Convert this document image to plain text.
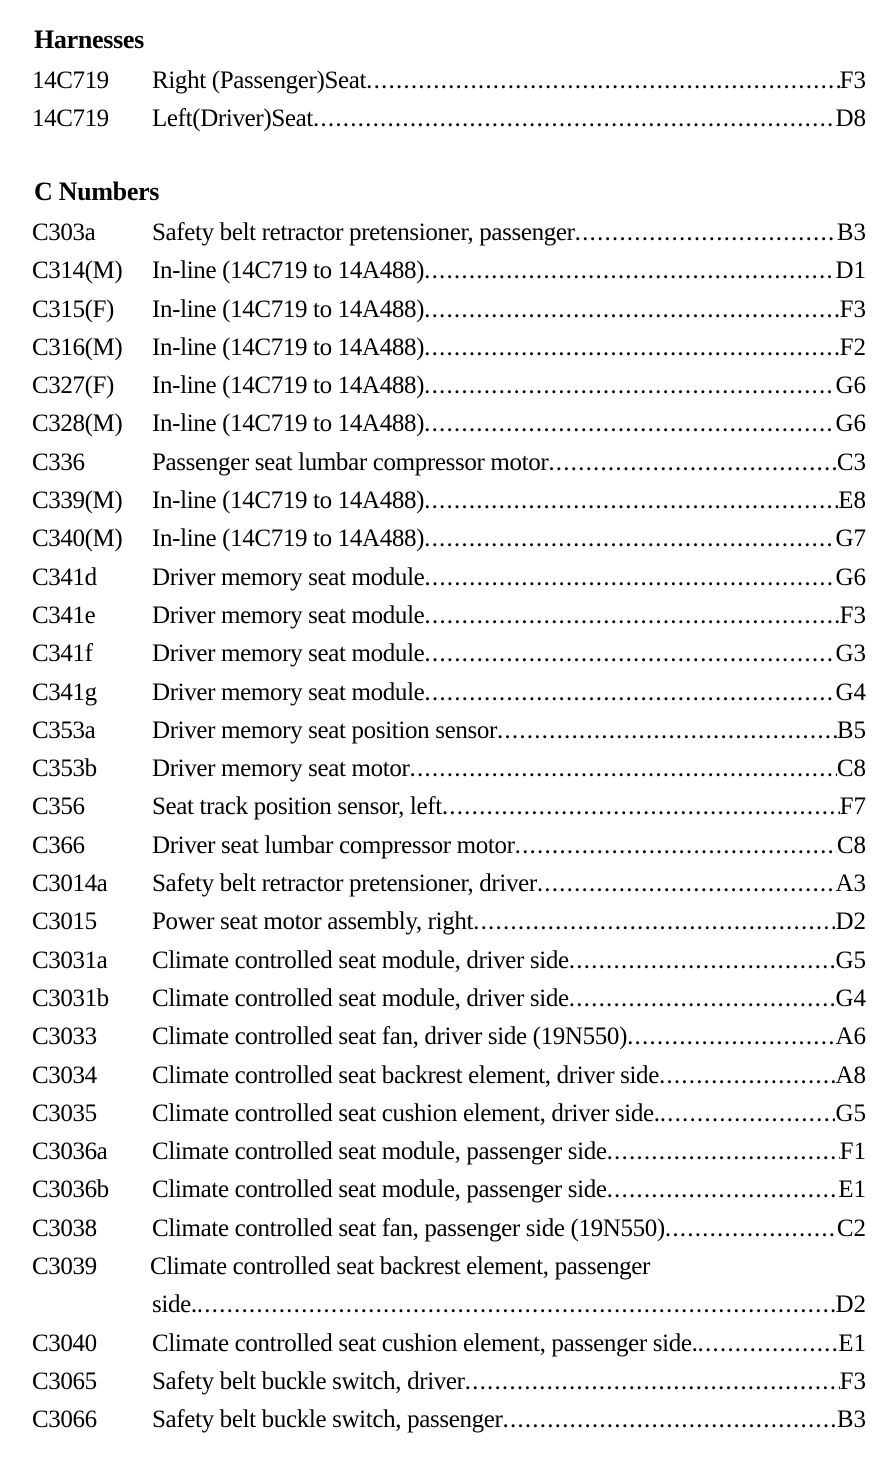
Harnesses
14C719 Right (Passenger)Seat .....	F3
14C719 Left(Driver)Seat .....	D8
C Numbers
C303a Safety belt retractor pretensioner, passenger .....	B3
C314(M) In-line (14C719 to 14A488) .....	D1
C315(F) In-line (14C719 to 14A488) .....	F3
C316(M) In-line (14C719 to 14A488) .....	F2
C327(F) In-line (14C719 to 14A488) .....	G6
C328(M) In-line (14C719 to 14A488) .....	G6
C336	Passenger seat lumbar compressor motor .....	C3
C339(M) In-line (14C719 to 14A488) .....	E8
C340(M) In-line (14C719 to 14A488) .....	G7
C341d Driver memory seat module .....	G6
C341e Driver memory seat module .....	F3
C341f Driver memory seat module .....	G3
C341g Driver memory seat module .....	G4
C353a Driver memory seat position sensor .....	B5
C353b Driver memory seat motor .....	C8
C356	Seat track position sensor, left .....	F7
C366	Driver seat lumbar compressor motor .....	C8
C3014a Safety belt retractor pretensioner, driver .....	A3
C3015 Power seat motor assembly, right .....	D2
C3031a Climate controlled seat module, driver side .....	G5
C3031b Climate controlled seat module, driver side .....	G4
C3033 Climate controlled seat fan, driver side (19N550) .....	A6
C3034 Climate controlled seat backrest element, driver side .....	A8
C3035 Climate controlled seat cushion element, driver side. .....	G5
C3036a Climate controlled seat module, passenger side .....	F1
C3036b Climate controlled seat module, passenger side .....	E1
C3038 Climate controlled seat fan, passenger side (19N550) .....	C2
C3039 Climate controlled seat backrest element, passenger
side. .....	D2
C3040 Climate controlled seat cushion element, passenger side. .....	E1
C3065 Safety belt buckle switch, driver .....	F3
C3066 Safety belt buckle switch, passenger .....	B3
